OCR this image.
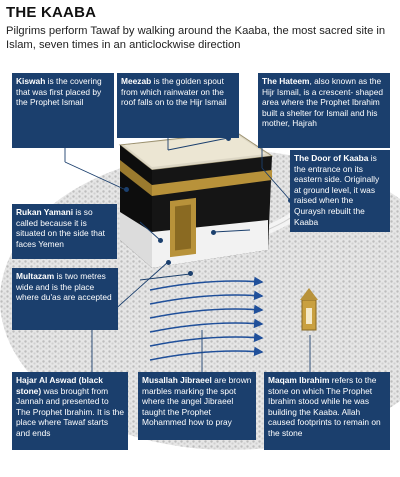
THE KAABA
Pilgrims perform Tawaf by walking around the Kaaba, the most sacred site in Islam, seven times in an anticlockwise direction
Kiswah is the covering that was first placed by the Prophet Ismail
Meezab is the golden spout from which rainwater on the roof falls on to the Hijr Ismail
The Hateem, also known as the Hijr Ismail, is a crescent- shaped area where the Prophet Ibrahim built a shelter for Ismail and his mother, Hajrah
The Door of Kaaba is the entrance on its eastern side. Originally at ground level, it was raised when the Quraysh rebuilt the Kaaba
Rukan Yamani is so called because it is situated on the side that faces Yemen
Multazam is two metres wide and is the place where du'as are accepted
Hajar Al Aswad (black stone) was brought from Jannah and presented to The Prophet Ibrahim. It is the place where Tawaf starts and ends
Musallah Jibraeel are brown marbles marking the spot where the angel Jibraeel taught the Prophet Mohammed how to pray
Maqam Ibrahim refers to the stone on which The Prophet Ibrahim stood while he was building the Kaaba. Allah caused footprints to remain on the stone
